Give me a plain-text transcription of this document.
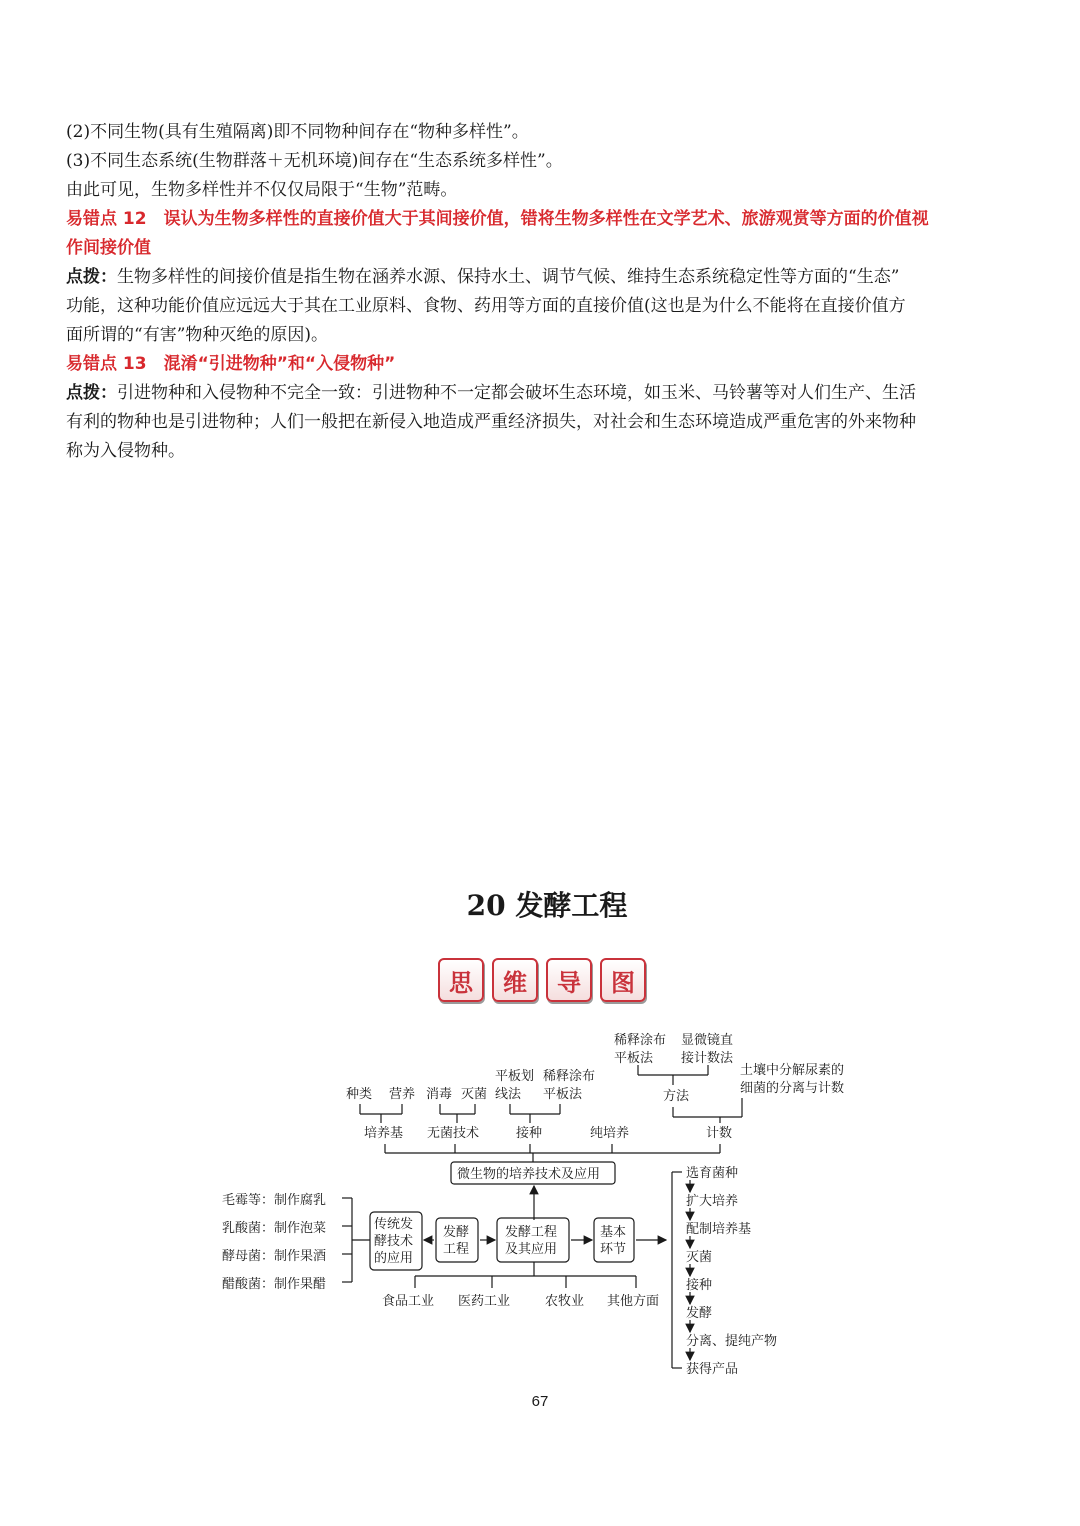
(2)不同生物(具有生殖隔离)即不同物种间存在“物种多样性”。
(3)不同生态系统(生物群落＋无机环境)间存在“生态系统多样性”。
由此可见，生物多样性并不仅仅局限于“生物”范畴。
易错点 12　误认为生物多样性的直接价值大于其间接价值，错将生物多样性在文学艺术、旅游观赏等方面的价值视
作间接价值
点拨：生物多样性的间接价值是指生物在涵养水源、保持水土、调节气候、维持生态系统稳定性等方面的“生态”
功能，这种功能价值应远远大于其在工业原料、食物、药用等方面的直接价值(这也是为什么不能将在直接价值方
面所谓的“有害”物种灭绝的原因)。
易错点 13　混淆“引进物种”和“入侵物种”
点拨：引进物种和入侵物种不完全一致：引进物种不一定都会破坏生态环境，如玉米、马铃薯等对人们生产、生活
有利的物种也是引进物种；人们一般把在新侵入地造成严重经济损失，对社会和生态环境造成严重危害的外来物种
称为入侵物种。
20 发酵工程
思	维	导	图
稀释涂布
平板法
显微镜直
接计数法
方法
土壤中分解尿素的
细菌的分离与计数
种类 营养 消毒 灭菌
平板划
线法
稀释涂布
平板法
培养基 无菌技术	接种	纯培养	计数
微生物的培养技术及应用
毛霉等：制作腐乳
乳酸菌：制作泡菜
酵母菌：制作果酒
醋酸菌：制作果醋
传统发
酵技术
的应用
发酵
工程
发酵工程
及其应用
基本
环节
食品工业 医药工业	农牧业 其他方面
选育菌种
扩大培养
配制培养基
灭菌
接种
发酵
分离、提纯产物
获得产品
67
